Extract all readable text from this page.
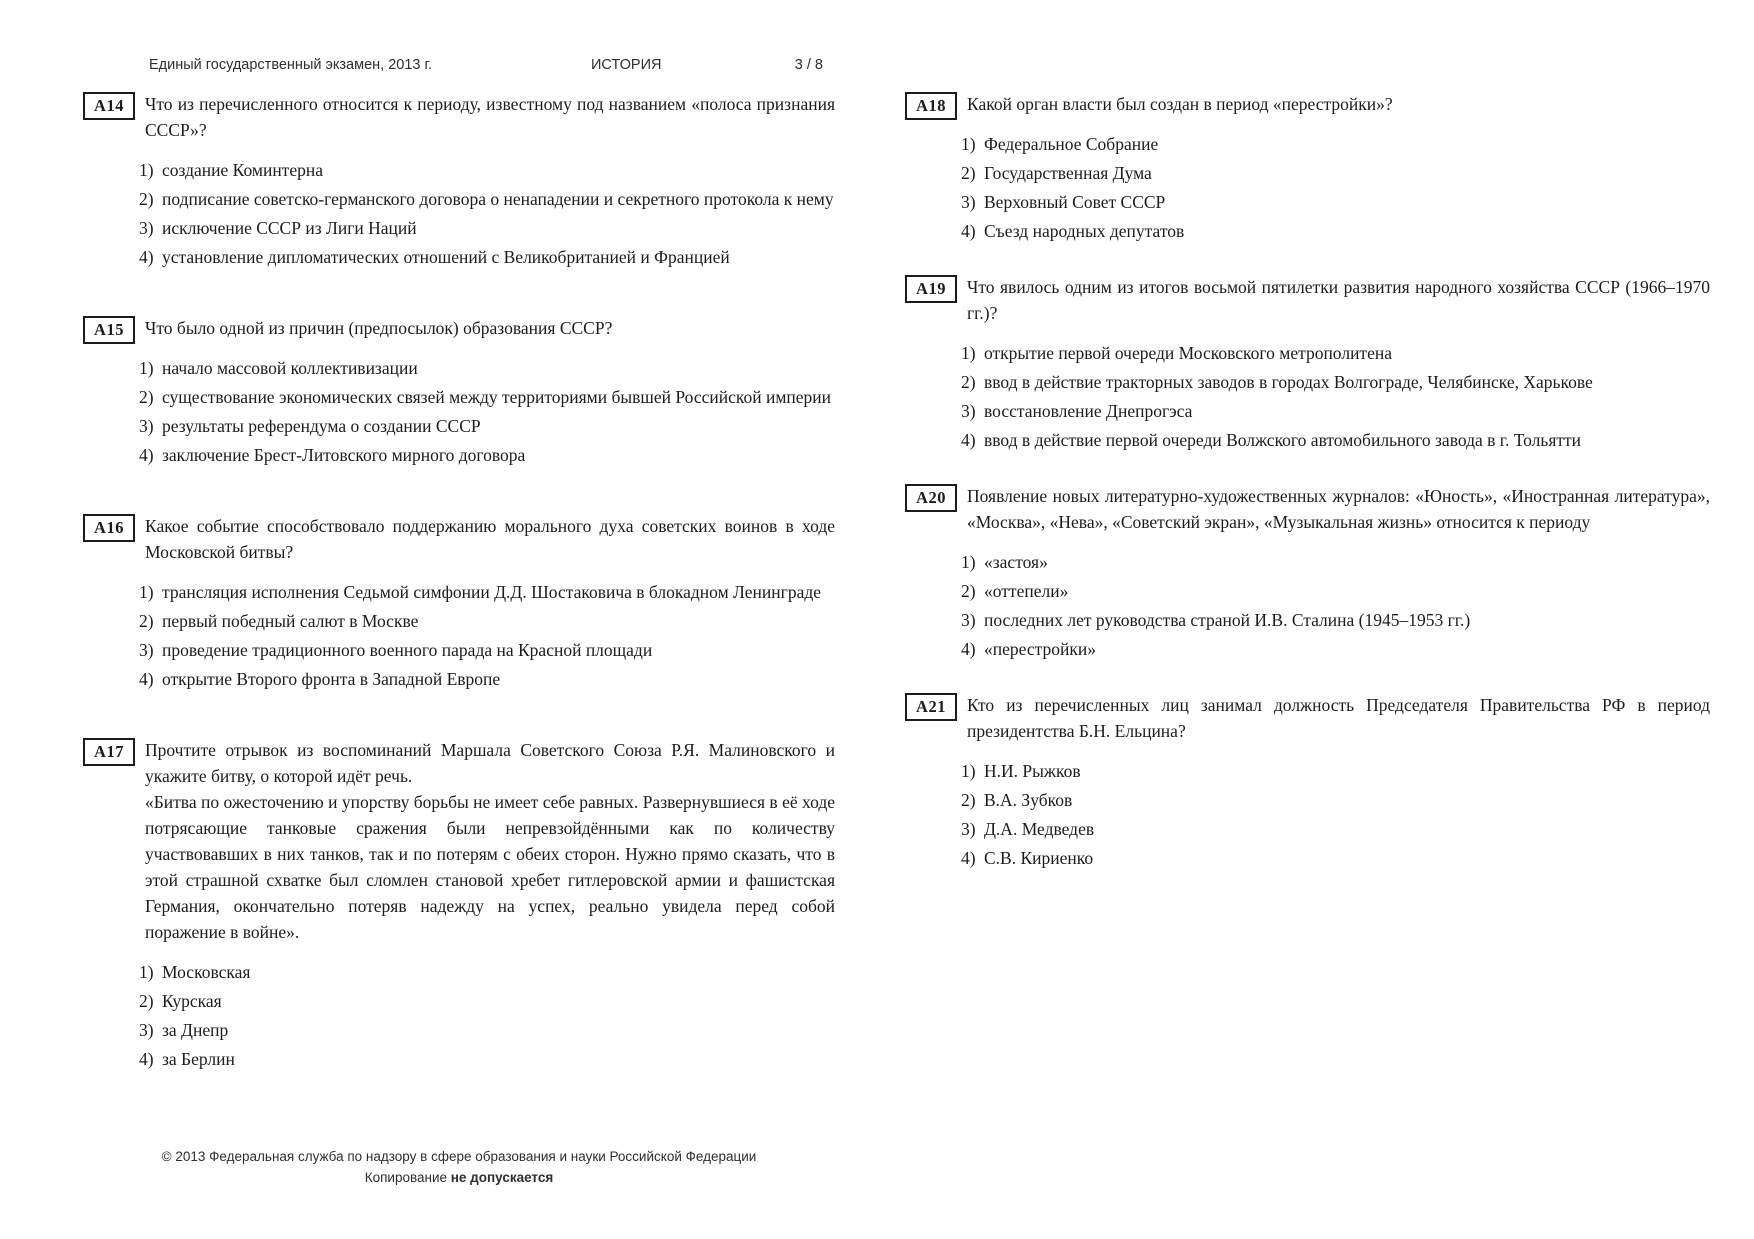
Единый государственный экзамен, 2013 г.	ИСТОРИЯ	3 / 8
А14	Что из перечисленного относится к периоду, известному под названием «полоса признания СССР»?

создание Коминтерна
подписание советско-германского договора о ненападении и секретного протокола к нему
исключение СССР из Лиги Наций
установление дипломатических отношений с Великобританией и Францией
А15	Что было одной из причин (предпосылок) образования СССР?

начало массовой коллективизации
существование экономических связей между территориями бывшей Российской империи
результаты референдума о создании СССР
заключение Брест-Литовского мирного договора
А16	Какое событие способствовало поддержанию морального духа советских воинов в ходе Московской битвы?

трансляция исполнения Седьмой симфонии Д.Д. Шостаковича в блокадном Ленинграде
первый победный салют в Москве
проведение традиционного военного парада на Красной площади
открытие Второго фронта в Западной Европе
А17	Прочтите отрывок из воспоминаний Маршала Советского Союза Р.Я. Малиновского и укажите битву, о которой идёт речь.

«Битва по ожесточению и упорству борьбы не имеет себе равных. Развернувшиеся в её ходе потрясающие танковые сражения были непревзойдёнными как по количеству участвовавших в них танков, так и по потерям с обеих сторон. Нужно прямо сказать, что в этой страшной схватке был сломлен становой хребет гитлеровской армии и фашистская Германия, окончательно потеряв надежду на успех, реально увидела перед собой поражение в войне».

Московская
Курская
за Днепр
за Берлин
А18	Какой орган власти был создан в период «перестройки»?

Федеральное Собрание
Государственная Дума
Верховный Совет СССР
Съезд народных депутатов
А19	Что явилось одним из итогов восьмой пятилетки развития народного хозяйства СССР (1966–1970 гг.)?

открытие первой очереди Московского метрополитена
ввод в действие тракторных заводов в городах Волгограде, Челябинске, Харькове
восстановление Днепрогэса
ввод в действие первой очереди Волжского автомобильного завода в г. Тольятти
А20	Появление новых литературно-художественных журналов: «Юность», «Иностранная литература», «Москва», «Нева», «Советский экран», «Музыкальная жизнь» относится к периоду

«застоя»
«оттепели»
последних лет руководства страной И.В. Сталина (1945–1953 гг.)
«перестройки»
А21	Кто из перечисленных лиц занимал должность Председателя Правительства РФ в период президентства Б.Н. Ельцина?

Н.И. Рыжков
В.А. Зубков
Д.А. Медведев
С.В. Кириенко
© 2013 Федеральная служба по надзору в сфере образования и науки Российской Федерации
Копирование не допускается
